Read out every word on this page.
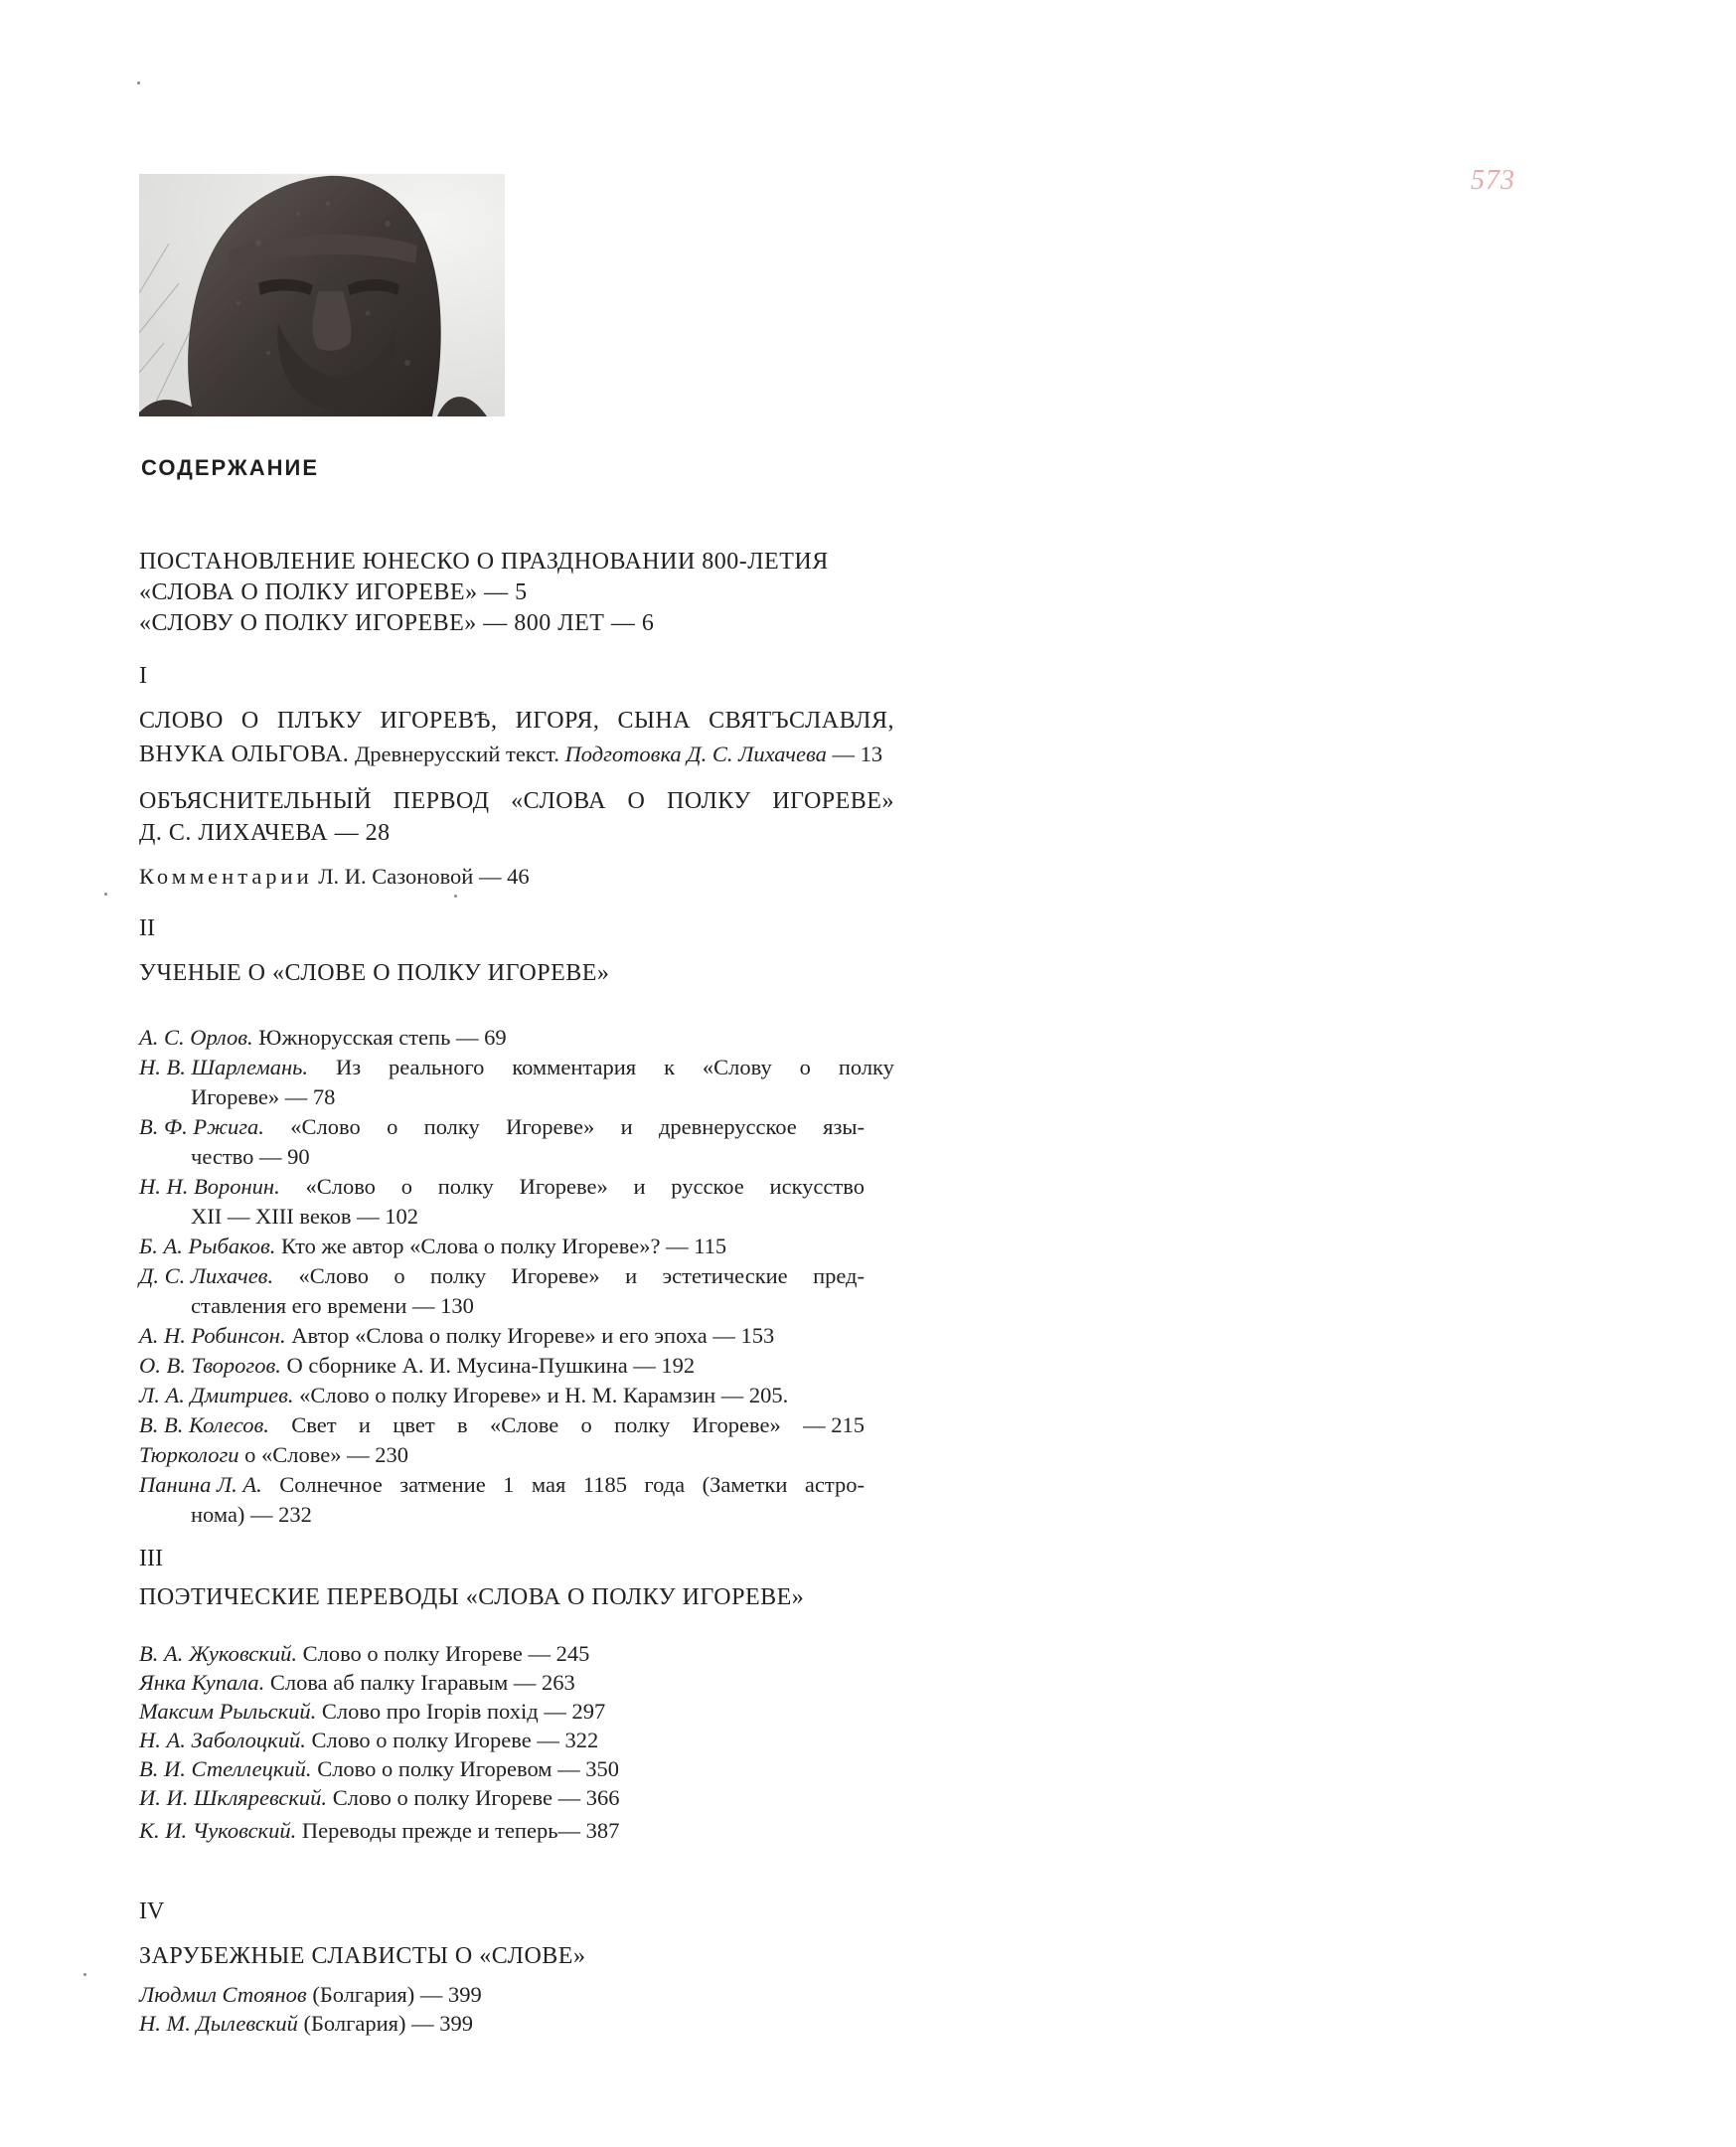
573
СОДЕРЖАНИЕ
ПОСТАНОВЛЕНИЕ ЮНЕСКО О ПРАЗДНОВАНИИ 800-ЛЕТИЯ
«СЛОВА О ПОЛКУ ИГОРЕВЕ» — 5
«СЛОВУ О ПОЛКУ ИГОРЕВЕ» — 800 ЛЕТ — 6
I
СЛОВО О ПЛЪКУ ИГОРЕВѢ, ИГОРЯ, СЫНА СВЯТЪСЛАВЛЯ,
ВНУКА ОЛЬГОВА. Древнерусский текст. Подготовка Д. С. Лихачева — 13
ОБЪЯСНИТЕЛЬНЫЙ ПЕРВОД «СЛОВА О ПОЛКУ ИГОРЕВЕ»
Д. С. ЛИХАЧЕВА — 28
Комментарии Л. И. Сазоновой — 46
II
УЧЕНЫЕ О «СЛОВЕ О ПОЛКУ ИГОРЕВЕ»
А. С. Орлов. Южнорусская степь — 69
Н. В. Шарлемань. Из реального комментария к «Слову о полку
Игореве» — 78
В. Ф. Ржига. «Слово о полку Игореве» и древнерусское язы-
чество — 90
Н. Н. Воронин. «Слово о полку Игореве» и русское искусство
XII — XIII веков — 102
Б. А. Рыбаков. Кто же автор «Слова о полку Игореве»? — 115
Д. С. Лихачев. «Слово о полку Игореве» и эстетические пред-
ставления его времени — 130
А. Н. Робинсон. Автор «Слова о полку Игореве» и его эпоха — 153
О. В. Творогов. О сборнике А. И. Мусина-Пушкина — 192
Л. А. Дмитриев. «Слово о полку Игореве» и Н. М. Карамзин — 205.
В. В. Колесов. Свет и цвет в «Слове о полку Игореве» — 215
Тюркологи о «Слове» — 230
Панина Л. А. Солнечное затмение 1 мая 1185 года (Заметки астро-
нома) — 232
III
ПОЭТИЧЕСКИЕ ПЕРЕВОДЫ «СЛОВА О ПОЛКУ ИГОРЕВЕ»
В. А. Жуковский. Слово о полку Игореве — 245
Янка Купала. Слова аб палку Iгаравым — 263
Максим Рыльский. Слово про Iгорiв похiд — 297
Н. А. Заболоцкий. Слово о полку Игореве — 322
В. И. Стеллецкий. Слово о полку Игоревом — 350
И. И. Шкляревский. Слово о полку Игореве — 366
К. И. Чуковский. Переводы прежде и теперь— 387
IV
ЗАРУБЕЖНЫЕ СЛАВИСТЫ О «СЛОВЕ»
Людмил Стоянов (Болгария) — 399
Н. М. Дылевский (Болгария) — 399
